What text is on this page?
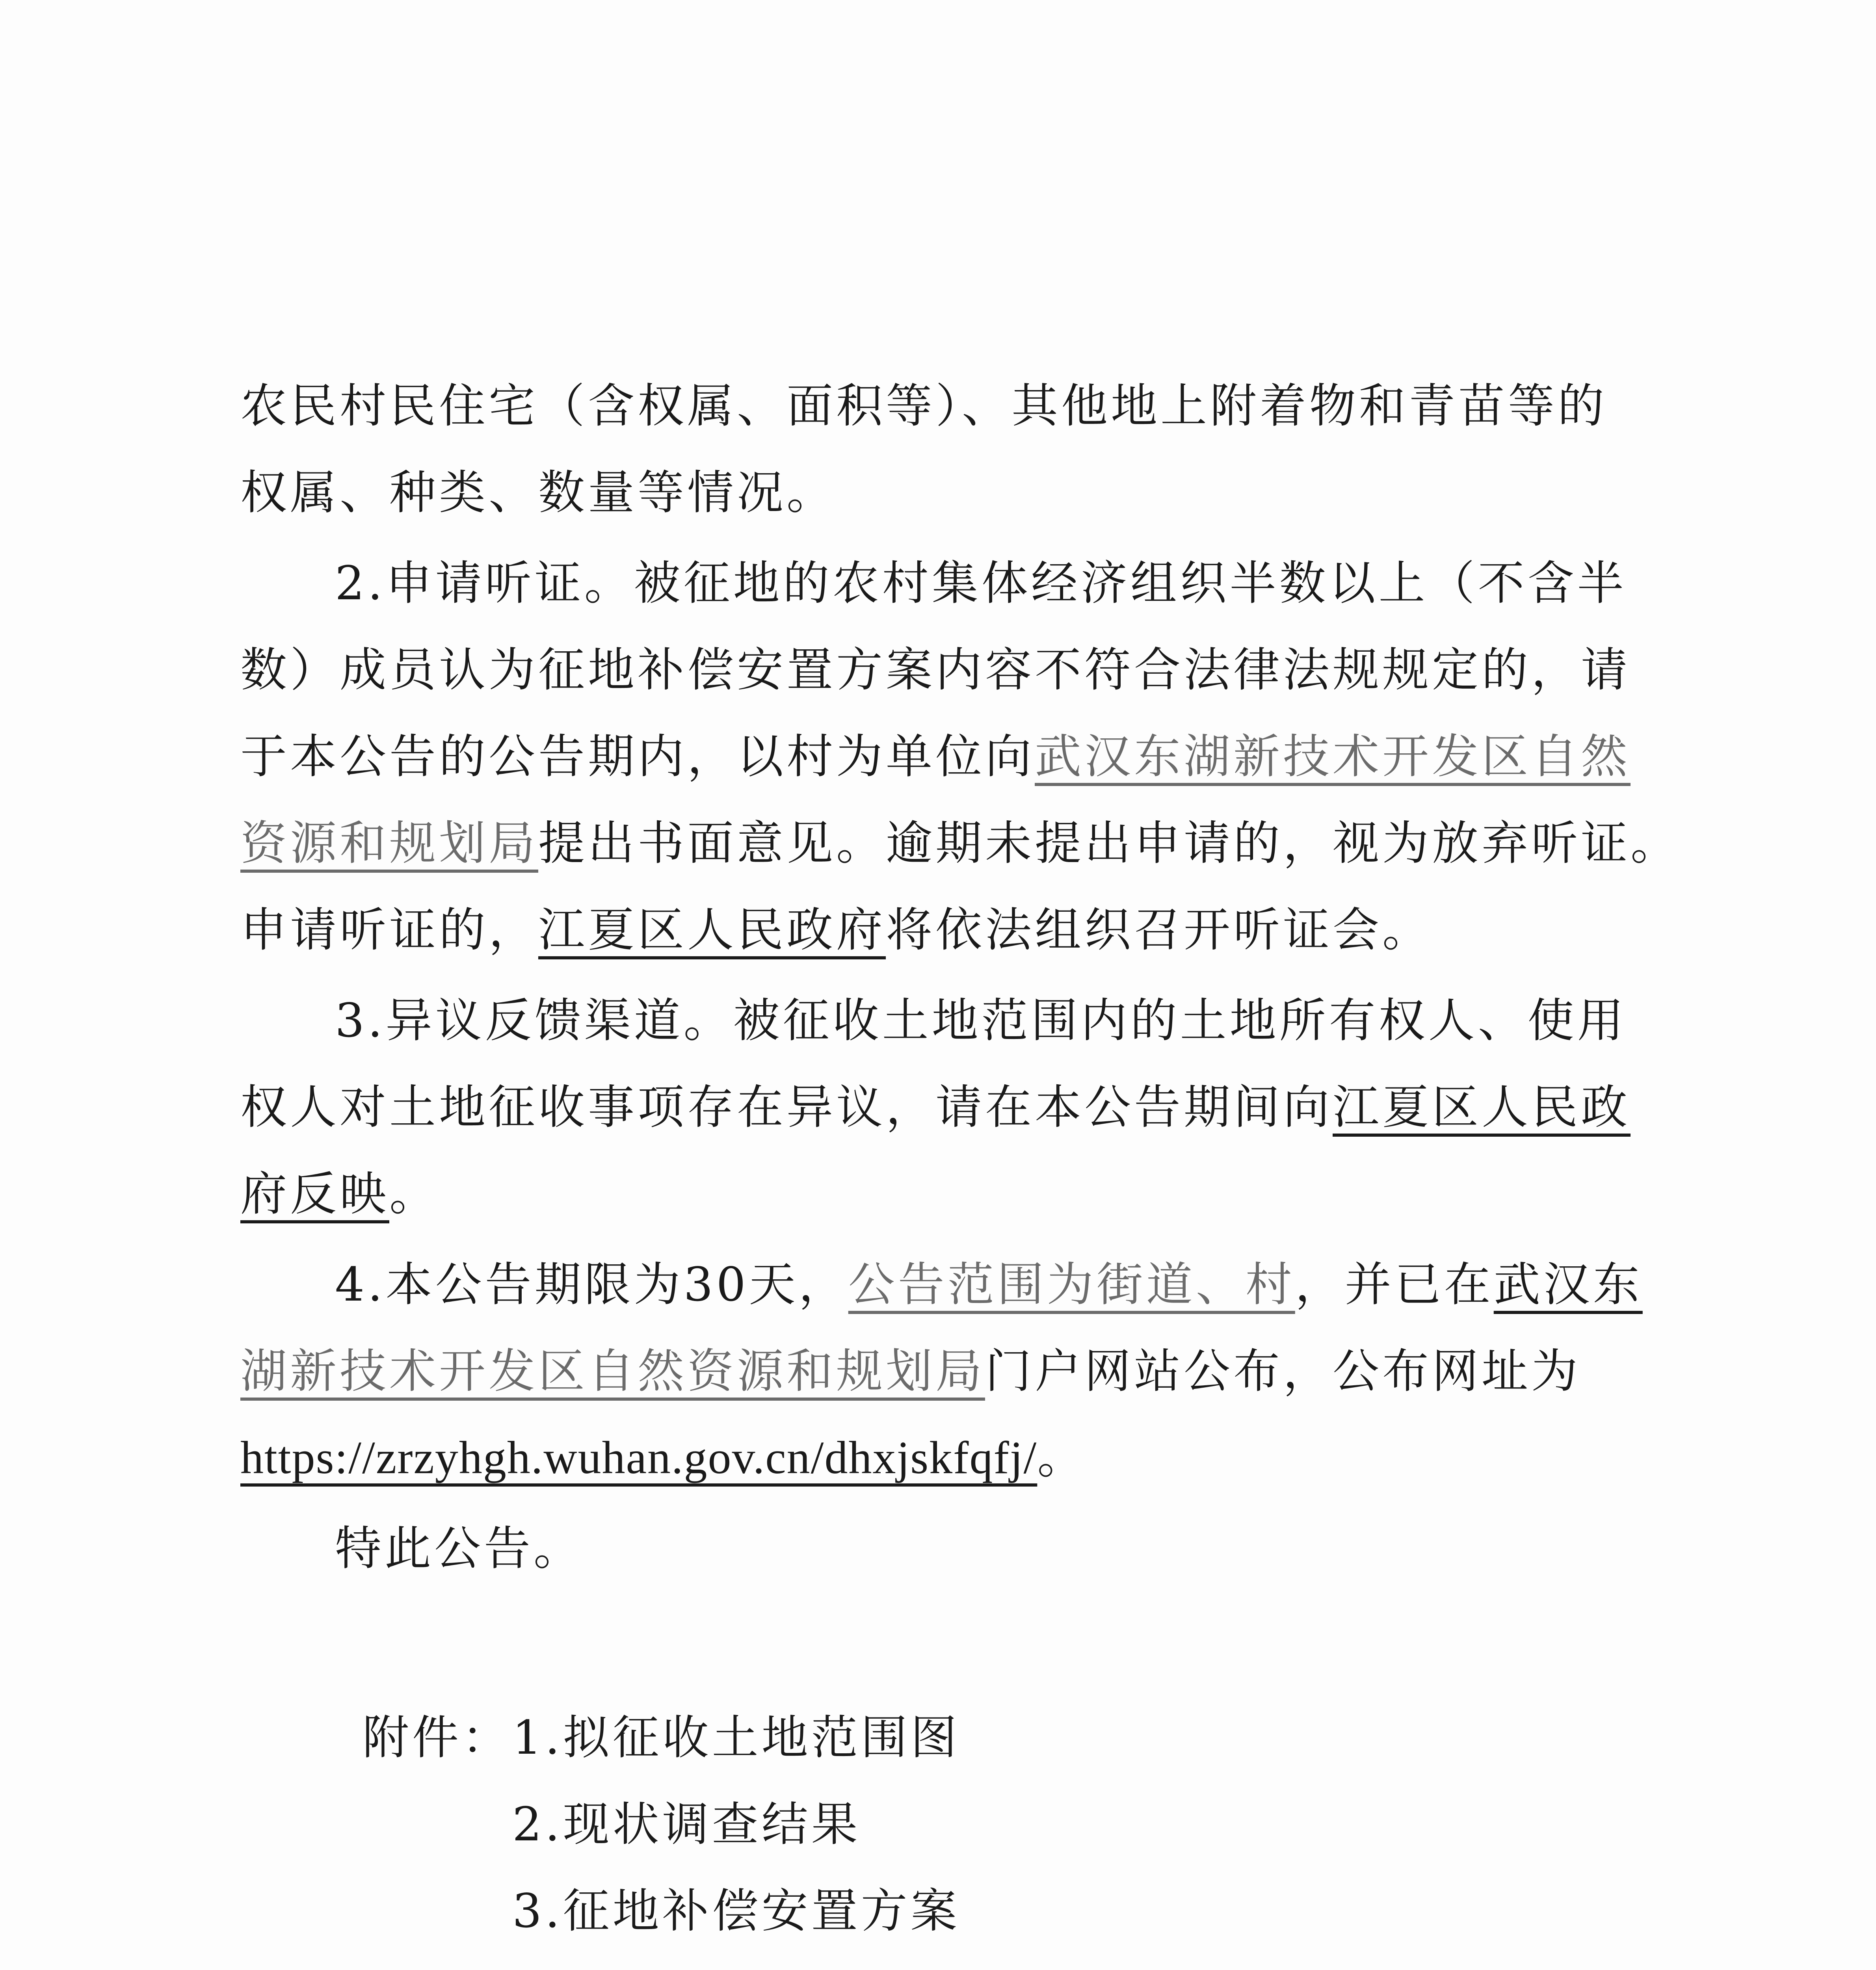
农民村民住宅（含权属、面积等）、其他地上附着物和青苗等的
权属、种类、数量等情况。
2.申请听证。被征地的农村集体经济组织半数以上（不含半
数）成员认为征地补偿安置方案内容不符合法律法规规定的，请
于本公告的公告期内，以村为单位向武汉东湖新技术开发区自然
资源和规划局提出书面意见。逾期未提出申请的，视为放弃听证。
申请听证的，江夏区人民政府将依法组织召开听证会。
3.异议反馈渠道。被征收土地范围内的土地所有权人、使用
权人对土地征收事项存在异议，请在本公告期间向江夏区人民政
府反映。
4.本公告期限为30天，公告范围为街道、村，并已在武汉东
湖新技术开发区自然资源和规划局门户网站公布，公布网址为
https://zrzyhgh.wuhan.gov.cn/dhxjskfqfj/。
特此公告。
附件： 1.拟征收土地范围图
2.现状调查结果
3.征地补偿安置方案
